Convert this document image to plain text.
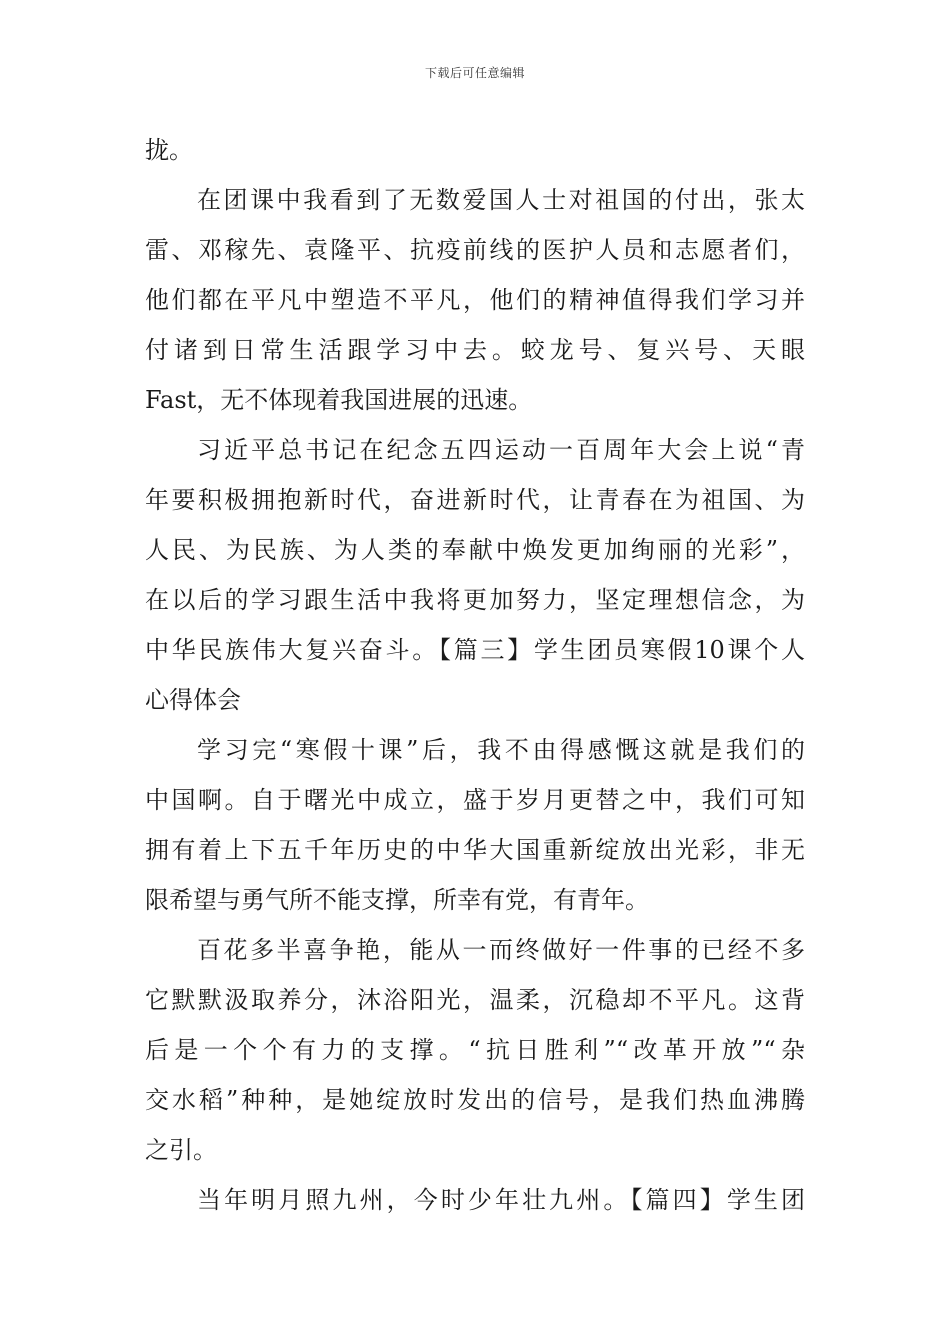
下载后可任意编辑
拢。
在团课中我看到了无数爱国人士对祖国的付出，张太
雷、邓稼先、袁隆平、抗疫前线的医护人员和志愿者们，
他们都在平凡中塑造不平凡，他们的精神值得我们学习并
付诸到日常生活跟学习中去。蛟龙号、复兴号、天眼
Fast，无不体现着我国进展的迅速。
习近平总书记在纪念五四运动一百周年大会上说“青
年要积极拥抱新时代，奋进新时代，让青春在为祖国、为
人民、为民族、为人类的奉献中焕发更加绚丽的光彩”，
在以后的学习跟生活中我将更加努力，坚定理想信念，为
中华民族伟大复兴奋斗。【篇三】学生团员寒假10课个人
心得体会
学习完“寒假十课”后，我不由得感慨这就是我们的
中国啊。自于曙光中成立，盛于岁月更替之中，我们可知
拥有着上下五千年历史的中华大国重新绽放出光彩，非无
限希望与勇气所不能支撑，所幸有党，有青年。
百花多半喜争艳，能从一而终做好一件事的已经不多
它默默汲取养分，沐浴阳光，温柔，沉稳却不平凡。这背
后是一个个有力的支撑。“抗日胜利”“改革开放”“杂
交水稻”种种，是她绽放时发出的信号，是我们热血沸腾
之引。
当年明月照九州，今时少年壮九州。【篇四】学生团
